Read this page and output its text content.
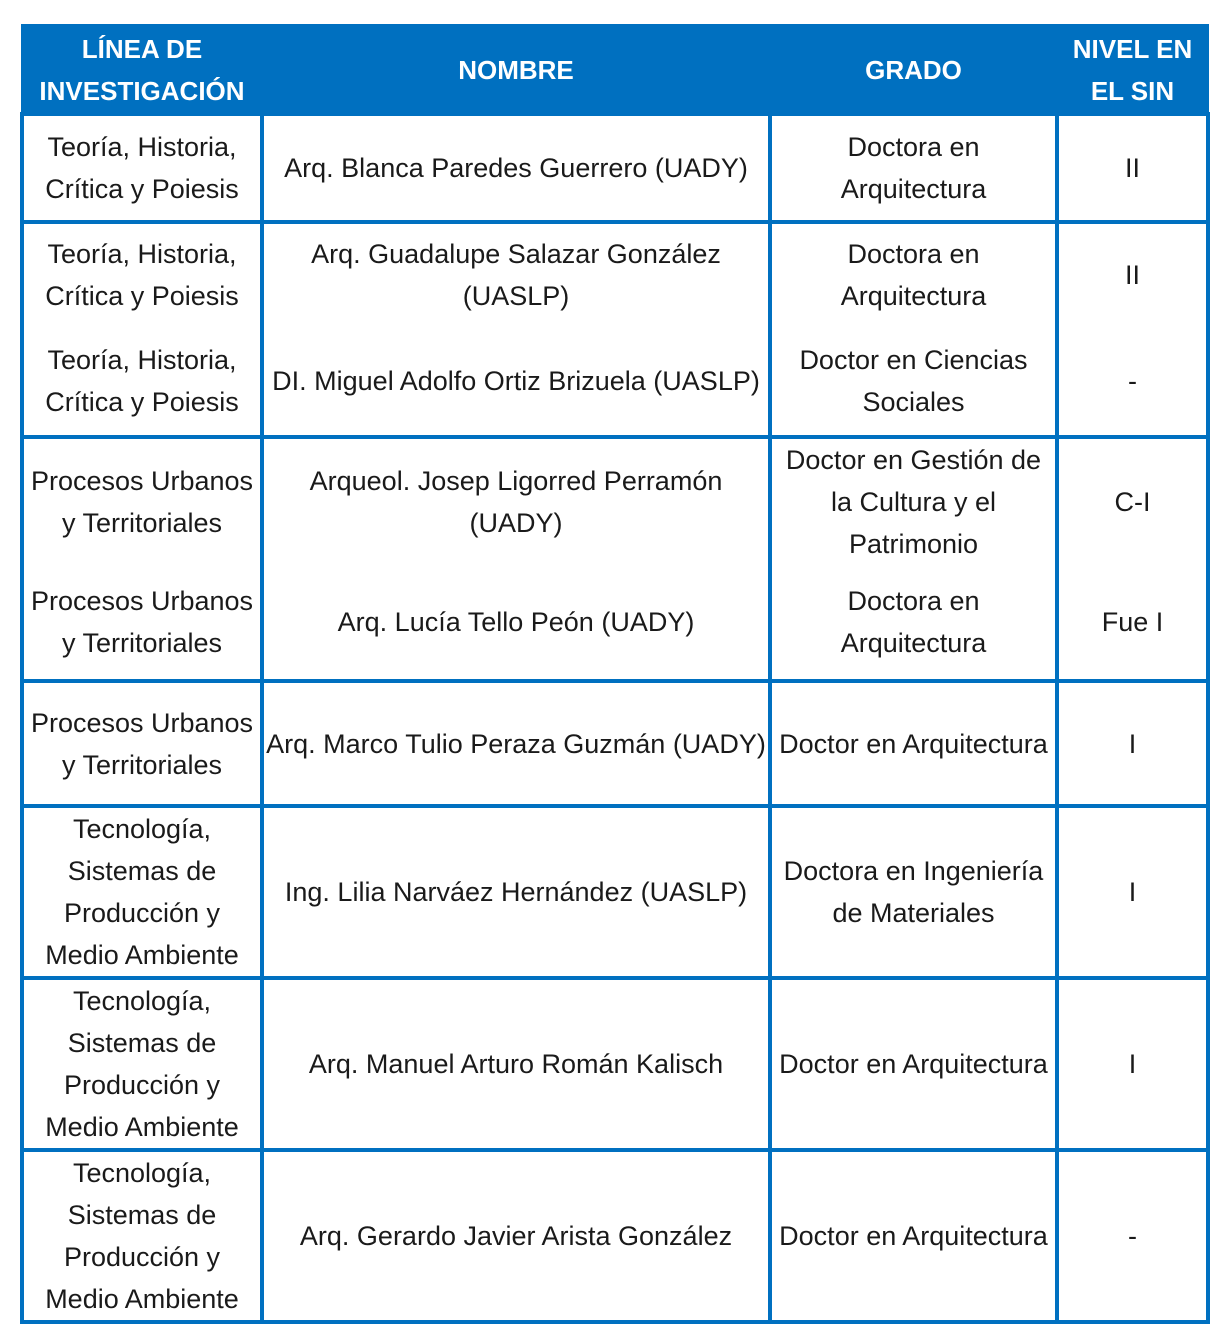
LÍNEA DE INVESTIGACIÓN	NOMBRE	GRADO	NIVEL EN EL SIN
Teoría, Historia, Crítica y Poiesis	Arq. Blanca Paredes Guerrero (UADY)	Doctora en Arquitectura	II
Teoría, Historia, Crítica y Poiesis	Arq. Guadalupe Salazar González (UASLP)	Doctora en Arquitectura	II
Teoría, Historia, Crítica y Poiesis	DI. Miguel Adolfo Ortiz Brizuela (UASLP)	Doctor en Ciencias Sociales	-
Procesos Urbanos y Territoriales	Arqueol. Josep Ligorred Perramón (UADY)	Doctor en Gestión de la Cultura y el Patrimonio	C-I
Procesos Urbanos y Territoriales	Arq. Lucía Tello Peón (UADY)	Doctora en Arquitectura	Fue I
Procesos Urbanos y Territoriales	Arq. Marco Tulio Peraza Guzmán (UADY)	Doctor en Arquitectura	I
Tecnología, Sistemas de Producción y Medio Ambiente	Ing. Lilia Narváez Hernández (UASLP)	Doctora en Ingeniería de Materiales	I
Tecnología, Sistemas de Producción y Medio Ambiente	Arq. Manuel Arturo Román Kalisch	Doctor en Arquitectura	I
Tecnología, Sistemas de Producción y Medio Ambiente	Arq. Gerardo Javier Arista González	Doctor en Arquitectura	-
